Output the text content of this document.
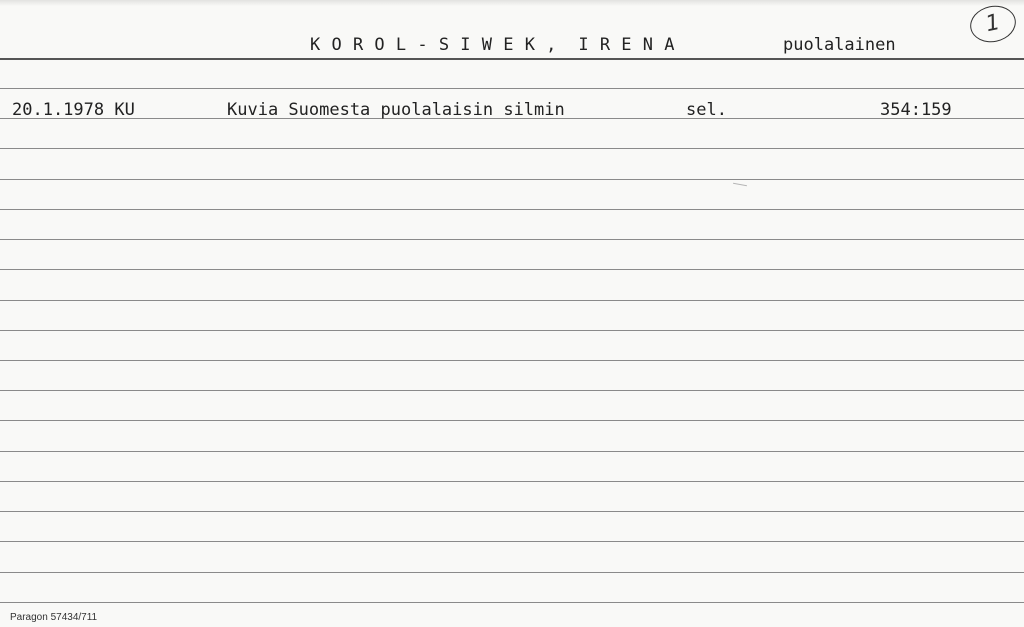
K O R O L - S I W E K ,  I R E N A	puolalainen
1
20.1.1978 KU	Kuvia Suomesta puolalaisin silmin	sel.	354:159
Paragon 57434/711
